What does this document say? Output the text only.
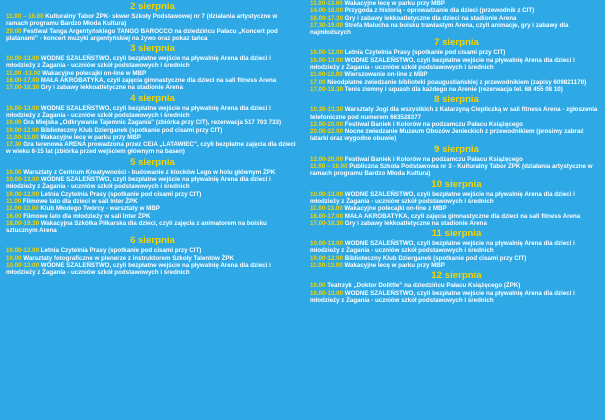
2 sierpnia

11.00 – 16.00 Kulturalny Tabor ŻPK- skwer Szkoły Podstawowej nr 7 (działania artystyczne w ramach programu Bardzo Młoda Kultura)

20.00 Festiwal Tanga Argentyńskiego TANGO BAROCCO na dziedzińcu Pałacu „Koncert pod platanami” - koncert muzyki argentyńskiej na żywo oraz pokaz tańca

3 sierpnia

10.00-13.00 WODNE SZALEŃSTWO, czyli bezpłatne wejście na pływalnię Arena dla dzieci i młodzieży z Żagania - uczniów szkół podstawowych i średnich

11.00 -13.00 Wakacyjne polecajki on-line w MBP

16.00-17.00 MAŁA AKROBATYKA, czyli zajęcia gimnastyczne dla dzieci na sali fitness Arena

17.00-18.30 Gry i zabawy lekkoatletyczne na stadionie Arena

4 sierpnia

10.00-13.00 WODNE SZALEŃSTWO, czyli bezpłatne wejście na pływalnię Arena dla dzieci i młodzieży z Żagania - uczniów szkół podstawowych i średnich

10.00 Gra Miejska „Odkrywanie Tajemnic Żagania” (zbiórka przy CIT), rezerwacja 517 703 733)

10.00-12.00 Biblioteczny Klub Dzierganek (spotkanie pod cisami przy CIT)

11.00-13.00 Wakacyjne lecę w parku przy MBP

17.30 Gra terenowa ARENA prowadzona przez CEiA „LATAWIEC”, czyli bezpłatne zajęcia dla dzieci w wieku 8-15 lat (zbiórka przed wejściem głównym na basen)

5 sierpnia

10.00 Warsztaty z Centrum Kreatywności - budowanie z klocków Lego w holu głównym ŻPK

10.00-13.00 WODNE SZALEŃSTWO, czyli bezpłatne wejście na pływalnię Arena dla dzieci i młodzieży z Żagania - uczniów szkół podstawowych i średnich

10.00-12.00 Letnia Czytelnia Prasy (spotkanie pod cisami przy CIT)

11.00 Filmowe lato dla dzieci w sali Inter ŻPK

11.00-13.00 Klub Młodego Twórcy - warsztaty w MBP

16.00 Filmowe lato dla młodzieży w sali Inter ŻPK

18.00-19.30 Wakacyjna Szkółka Piłkarska dla dzieci, czyli zajęcia z animatorem na boisku sztucznym Arena

6 sierpnia

10.00-12.00 Letnia Czytelnia Prasy (spotkanie pod cisami przy CIT)

10.00 Warsztaty fotograficzne w plenerze z instruktorem Szkoły Talentów ŻPK

10.00-13.00 WODNE SZALEŃSTWO, czyli bezpłatne wejście na pływalnię Arena dla dzieci i młodzieży z Żagania - uczniów szkół podstawowych i średnich

11.00-13.00 Wakacyjne lecę w parku przy MBP

14.00-16.00 Przygoda z historią - oprowadzanie dla dzieci (przewodnik z CIT)

16.00-17.30 Gry i zabawy lekkoatletyczne dla dzieci na stadionie Arena

17.30-19.00 Strefa Malucha na boisku trawiastym Arena, czyli animacje, gry i zabawy dla najmłodszych

7 sierpnia

10.00-12.00 Letnia Czytelnia Prasy (spotkanie pod cisami przy CIT)

10.00-13.00 WODNE SZALEŃSTWO, czyli bezpłatne wejście na pływalnię Arena dla dzieci i młodzieży z Żagania - uczniów szkół podstawowych i średnich

11.00-13.00 Wierszowanie on-line z MBP

17.00 Nieodpłatne zwiedzanie biblioteki poaugustiańskiej z przewodnikiem (zapisy 609821170)

17.00-18.30 Tenis ziemny i squash dla każdego na Arenie (rezerwacja tel. 68 455 08 10)

8 sierpnia

10.30-13.30 Warsztaty Jogi dla wszystkich z Katarzyną Ciepliczką w sali fitness Arena - zgłoszenia telefoniczne pod numerem 663528377

12.00-20.00 Festiwal Baniek i Kolorów na podzamczu Pałacu Książęcego

20.00-22.00 Nocne zwiedzanie Muzeum Obozów Jenieckich z przewodnikiem (prosimy zabrać latarki oraz wygodne obuwie)

9 sierpnia

12.00-20.00 Festiwal Baniek i Kolorów na podzamczu Pałacu Książęcego

11.00 – 16.00 Publiczna Szkoła Podstawowa nr 3 - Kulturalny Tabor ŻPK (działania artystyczne w ramach programu Bardzo Młoda Kultura)

10 sierpnia

10.00-13.00 WODNE SZALEŃSTWO, czyli bezpłatne wejście na pływalnię Arena dla dzieci i młodzieży z Żagania - uczniów szkół podstawowych i średnich

11.00-13.00 Wakacyjne polecajki on-line z MBP

16.00-17.00 MAŁA AKROBATYKA, czyli zajęcia gimnastyczne dla dzieci na sali fitness Arena

17.00-18.30 Gry i zabawy lekkoatletyczne na stadionie Arena

11 sierpnia

10.00-13.00 WODNE SZALEŃSTWO, czyli bezpłatne wejście na pływalnię Arena dla dzieci i młodzieży z Żagania - uczniów szkół podstawowych i średnich

10.00-12.00 Biblioteczny Klub Dzierganek (spotkanie pod cisami przy CIT)

11.00-13.00 Wakacyjne lecę w parku przy MBP

12 sierpnia

10.00 Teatrzyk „Doktor Dolittle” na dziedzińcu Pałacu Książęcego (ŻPK)

10.00-13.00 WODNE SZALEŃSTWO, czyli bezpłatne wejście na pływalnię Arena dla dzieci i młodzieży z Żagania - uczniów szkół podstawowych i średnich
